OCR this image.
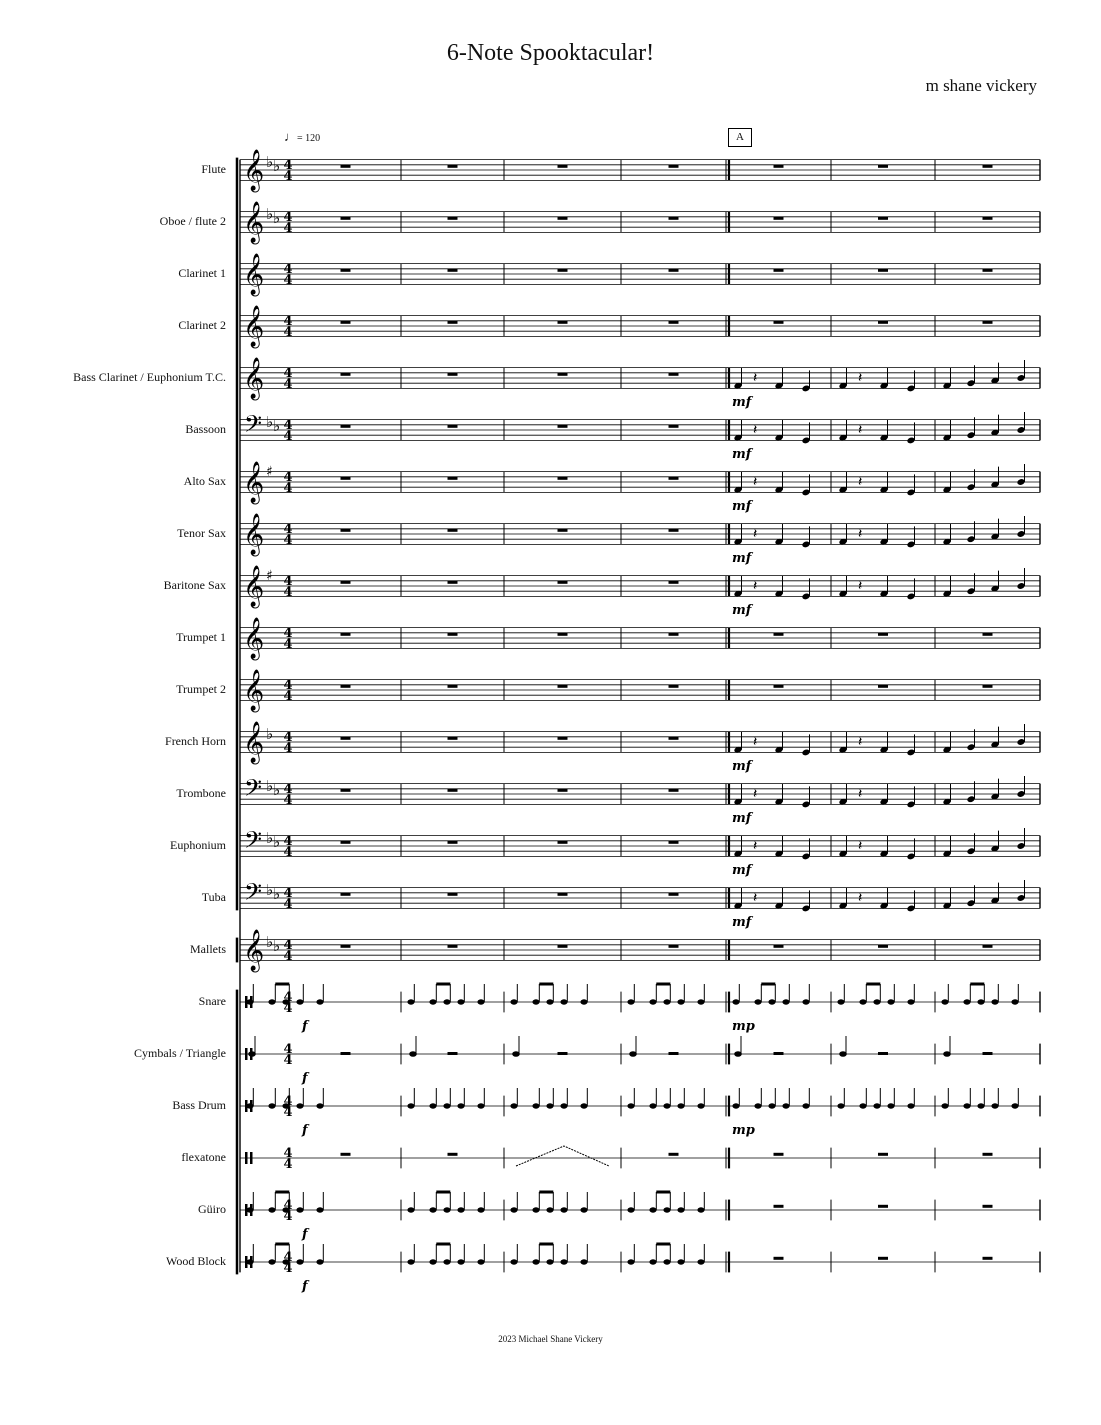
6-Note Spooktacular!
m shane vickery
♩= 120	A
2023 Michael Shane Vickery
Flute
Oboe / flute 2
Clarinet 1
Clarinet 2
Bass Clarinet / Euphonium T.C.
Bassoon
Alto Sax
Tenor Sax
Baritone Sax
Trumpet 1
Trumpet 2
French Horn
Trombone
Euphonium
Tuba
Mallets
Snare
Cymbals / Triangle
Bass Drum
flexatone
Güiro
Wood Block
𝄞 ♭ ♭ 4
4
𝄞 ♭ ♭ 4
4
𝄞 4
4
𝄞 4
4
𝄞 4
4	𝄽	𝄽
𝄢 ♭ ♭ 4
4	𝄽	𝄽
𝄞 ♯ 4
4	𝄽	𝄽
𝄞 4
4	𝄽	𝄽
𝄞 ♯ 4
4	𝄽	𝄽
𝄞 4
4
𝄞 4
4
𝄞 ♭ 4
4	𝄽	𝄽
𝄢 ♭ ♭ 4
4	𝄽	𝄽
𝄢 ♭ ♭ 4
4	𝄽	𝄽
𝄢 ♭ ♭ 4
4	𝄽	𝄽
𝄞 ♭ ♭ 4
4
4
4
4
4
4
4
4
4
4
4
4
4
mf
mf
mf
mf
mf
mf
mf
mf
mf
f	mp
f
f	mp
f
f
